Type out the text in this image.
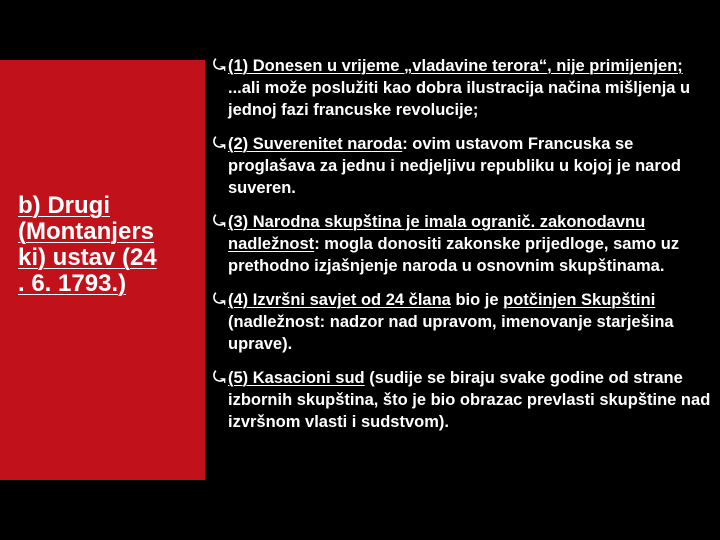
b) Drugi
(Montanjers
ki) ustav (24
. 6. 1793.)
⤿ (1) Donesen u vrijeme „vladavine terora“, nije primijenjen; ...ali može poslužiti kao dobra ilustracija načina mišljenja u jednoj fazi francuske revolucije;
⤿ (2) Suverenitet naroda: ovim ustavom Francuska se proglašava za jednu i nedjeljivu republiku u kojoj je narod suveren.
⤿ (3) Narodna skupština je imala ogranič. zakonodavnu nadležnost: mogla donositi zakonske prijedloge, samo uz prethodno izjašnjenje naroda u osnovnim skupštinama.
⤿ (4) Izvršni savjet od 24 člana bio je potčinjen Skupštini (nadležnost: nadzor nad upravom, imenovanje starješina uprave).
⤿ (5) Kasacioni sud (sudije se biraju svake godine od strane izbornih skupština, što je bio obrazac prevlasti skupštine nad izvršnom vlasti i sudstvom).
